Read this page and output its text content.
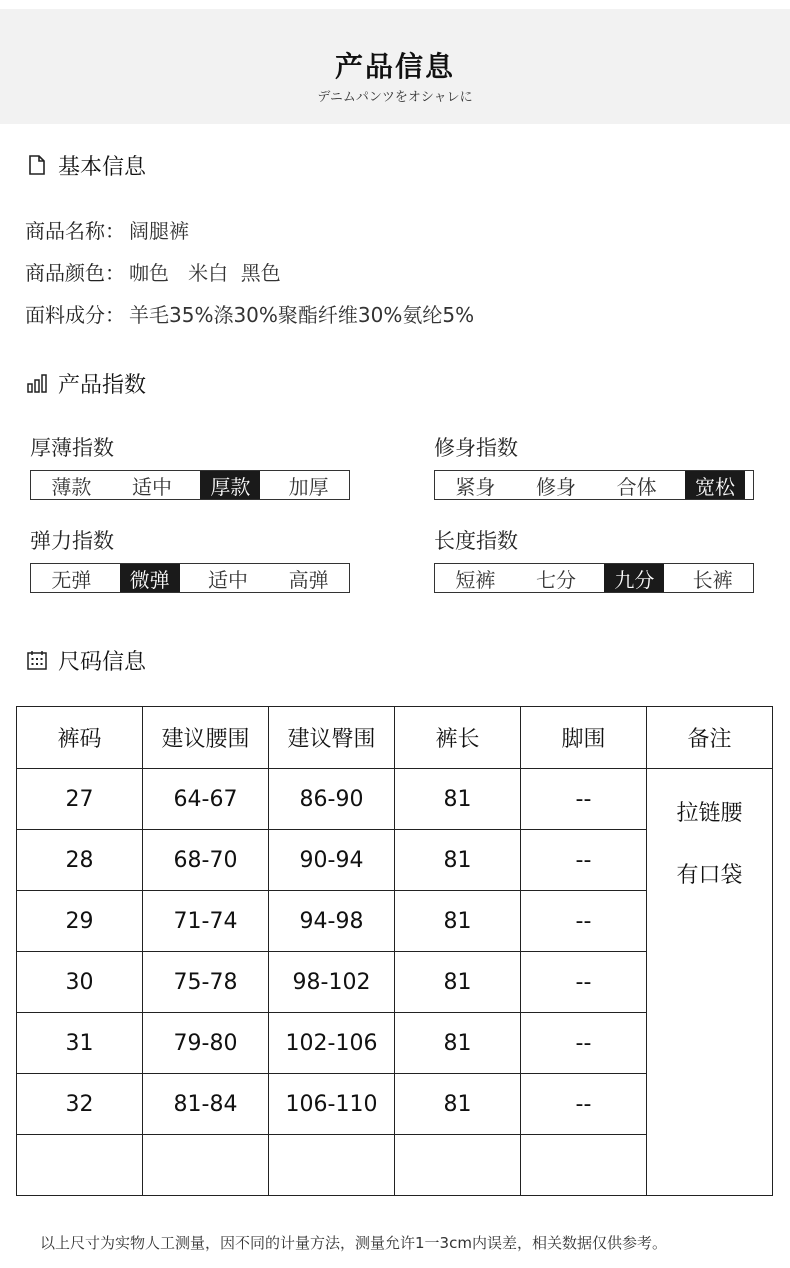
产品信息
デニムパンツをオシャレに
基本信息
商品名称： 阔腿裤
商品颜色： 咖色   米白  黑色
面料成分： 羊毛35%涤30%聚酯纤维30%氨纶5%
产品指数
厚薄指数
薄款	适中	厚款	加厚
修身指数
紧身	修身	合体	宽松
弹力指数
无弹	微弹	适中	高弹
长度指数
短裤	七分	九分	长裤
尺码信息
裤码	建议腰围	建议臀围	裤长	脚围	备注
27	64-67	86-90	81	--	拉链腰
有口袋

28	68-70	90-94	81	--	
29	71-74	94-98	81	--	
30	75-78	98-102	81	--	
31	79-80	102-106	81	--	
32	81-84	106-110	81	--	

以上尺寸为实物人工测量，因不同的计量方法，测量允许1一3cm内误差，相关数据仅供参考。
